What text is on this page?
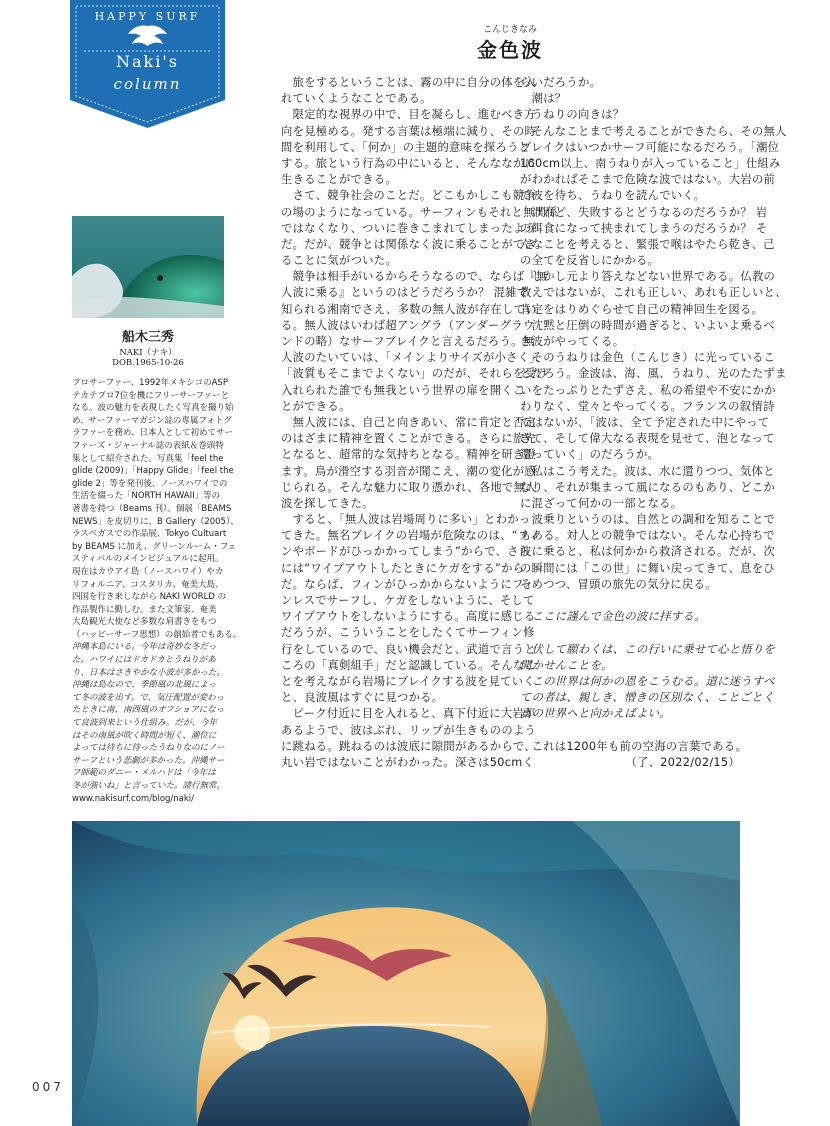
HAPPY SURF
Naki's
column
こんじきなみ
金色波
船木三秀
NAKI（ナキ）
DOB.1965-10-26
プロサーファー、1992年メキシコのASP
テカテプロ7位を機にフリーサーファーと
なる。波の魅力を表現したく写真を撮り始
め、サーファーマガジン誌の専属フォトグ
ラファーを務め、日本人として初めてサー
ファーズ・ジャーナル誌の表紙＆巻頭特
集として紹介された。写真集「feel the
glide (2009)」「Happy Glide」「feel the
glide 2」等を発刊後、ノースハワイでの
生活を綴った「NORTH HAWAII」等の
著書を持つ（Beams 刊）。個展「BEAMS
NEWS」を皮切りに、B Gallery（2005）、
ラスベガスでの作品展、Tokyo Cultuart
by BEAMS に加え、グリーンルーム・フェ
スティバルのメインビジュアルに起用。
現在はカウアイ島（ノースハワイ）やカ
リフォルニア、コスタリカ、奄美大島、
四国を行き来しながら NAKI WORLD の
作品製作に勤しむ。また文筆家、奄美
大島観光大使など多数な肩書きをもつ
（ハッピーサーフ思想）の創始者でもある。
沖縄本島にいる。今年は奇妙な冬だっ
た。ハワイにはドカドカとうねりがあ
り、日本はさきやかな小波が多かった。
沖縄は島なので、季節風の北風によっ
て冬の波を出す。で、気圧配置が変わっ
たときに南、南西風のオフショアになっ
て良波到来という仕組み。だが、今年
はその南風が吹く時間が短く、潮位に
よっては待ちに待ったうねりなのにノー
サーフという悲劇が多かった。沖縄サー
フ師範のダニー・メルハドは「今年は
冬が強いね」と言っていた。諸行無常。
www.nakisurf.com/blog/naki/
　旅をするということは、霧の中に自分の体を入
れていくようなことである。
　限定的な視界の中で、目を凝らし、進むべき方
向を見極める。発する言葉は極端に減り、その時
間を利用して、「何か」の主題的意味を探ろうと
する。旅という行為の中にいると、そんななかに
生きることができる。
　さて、競争社会のことだ。どこもかしこも競争
の場のようになっている。サーフィンもそれと無関係
ではなくなり、ついに巻きこまれてしまったよう
だ。だが、競争とは関係なく波に乗ることができ
ることに気がついた。
　競争は相手がいるからそうなるので、ならば『無
人波に乗る』というのはどうだろうか？ 混雑で
知られる湘南でさえ、多数の無人波が存在してい
る。無人波はいわば超アングラ（アンダーグラウ
ンドの略）なサーフブレイクと言えるだろう。無
人波のたいていは、「メインよりサイズが小さく」、
「波質もそこまでよくない」のだが、それらを受け
入れられた誰でも無我という世界の扉を開くこ
とができる。
　無人波には、自己と向きあい、常に肯定と否定
のはざまに精神を置くことができる。さらに旅先
となると、超常的な気持ちとなる。精神を研ぎ澄
ます。鳥が滑空する羽音が聞こえ、潮の変化が感
じられる。そんな魅力に取り憑かれ、各地で無人
波を探してきた。
　すると、「無人波は岩場周りに多い」とわかっ
てきた。無名ブレイクの岩場が危険なのは、“フィ
ンやボードがひっかかってしまう”からで、さら
には“ワイプアウトしたときにケガをする”から
だ。ならば、フィンがひっかからないようにフィ
ンレスでサーフし、ケガをしないように、そして
ワイプアウトをしないようにする。高度に感じる
だろうが、こういうことをしたくてサーフィン修
行をしているので、良い機会だと、武道で言うと
ころの「真剣組手」だと認識している。そんなこ
とを考えながら岩場にブレイクする波を見ていく
と、良波風はすぐに見つかる。
　ピーク付近に目を入れると、真下付近に大岩が
あるようで、波はぶれ、リップが生きもののよう
に跳ねる。跳ねるのは波底に隙間があるからで、
丸い岩ではないことがわかった。深さは50cmく
らいだろうか。
　潮は？
　うねりの向きは？
　そんなことまで考えることができたら、その無人
ブレイクはいつかサーフ可能になるだろう。「潮位
160cm以上、南うねりが入っていること」仕組み
がわかればそこまで危険な波ではない。大岩の前
で波を待ち、うねりを読んでいく。
　けれど、失敗するとどうなるのだろうか？ 岩
の餌食になって挟まれてしまうのだろうか？ そ
んなことを考えると、緊張で喉はやたら乾き、己
の全てを反省しにかかる。
　しかし元より答えなどない世界である。仏教の
教えではないが、これも正しい、あれも正しいと、
肯定をはりめぐらせて自己の精神回生を図る。
　沈黙と圧倒の時間が過ぎると、いよいよ乗るべ
き波がやってくる。
　そのうねりは金色（こんじき）に光っているこ
とだろう。金波は、海、風、うねり、光のたたずま
いをたっぷりとたずさえ、私の希望や不安にかか
わりなく、堂々とやってくる。フランスの叙情詩
ではないが、「波は、全て予定された中にやって
きて、そして偉大なる表現を見せて、泡となって
還っていく」のだろうか。
　私はこう考えた。波は、水に還りつつ、気体と
なり、それが集まって風になるのもあり、どこか
に混ざって何かの一部となる。
　波乗りというのは、自然との調和を知ることで
もある。対人との競争ではない。そんな心持ちで
波に乗ると、私は何かから救済される。だが、次
の瞬間には「この世」に舞い戻ってきて、息をひ
そめつつ、冒頭の旅先の気分に戻る。
　ここに謹んで金色の波に拝する。
　伏して願わくは、この行いに乗せて心と悟りを
開かせんことを。
　この世界は何かの恩をこうむる。道に迷うすべ
ての者は、親しき、憎きの区別なく、ことごとく
真の世界へと向かえばよい。
　これは1200年も前の空海の言葉である。
（了、2022/02/15）
007
